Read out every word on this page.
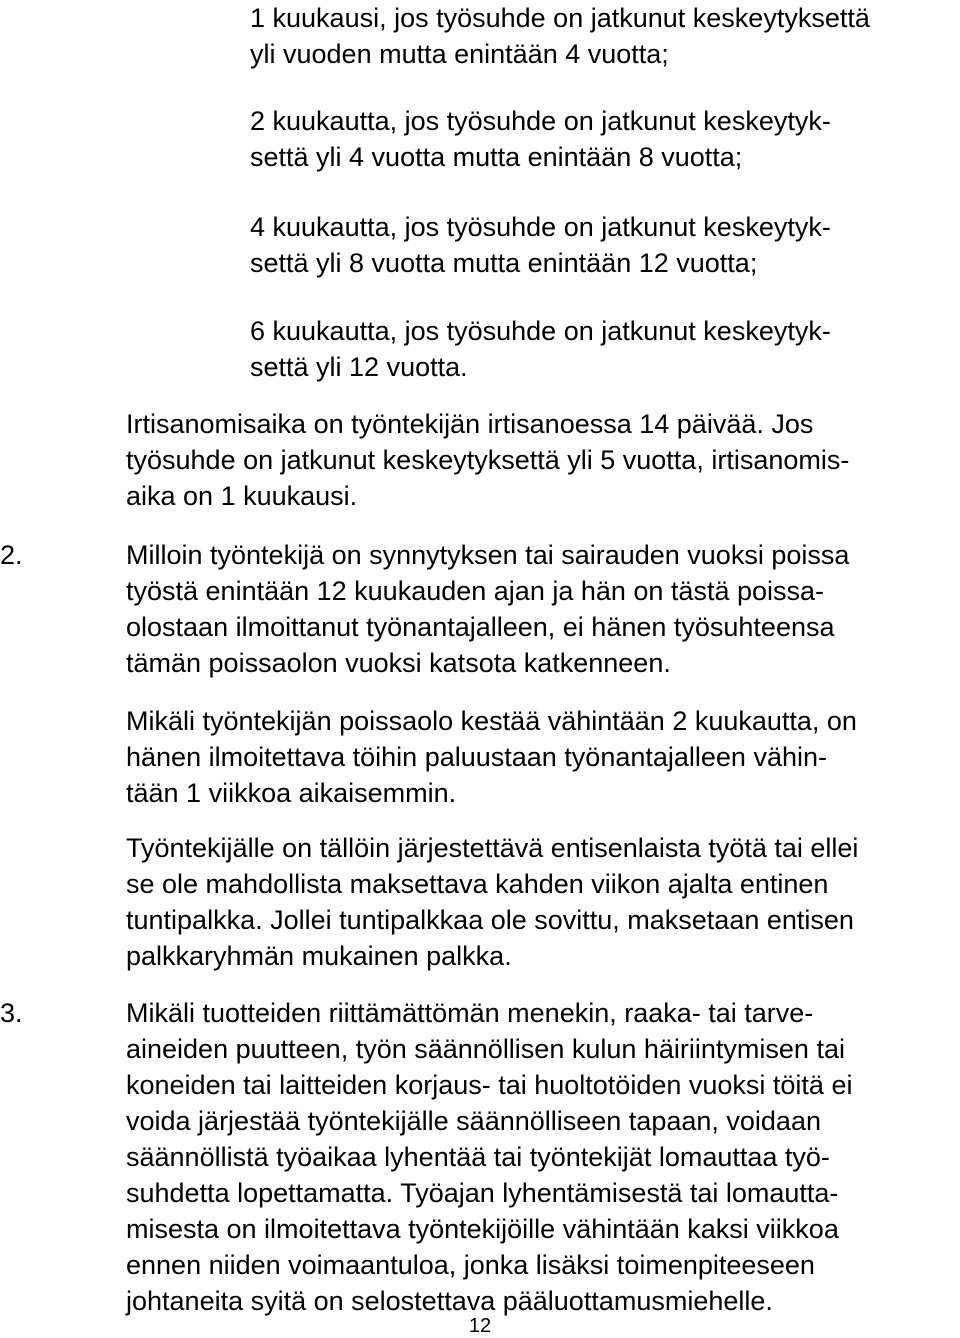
1 kuukausi, jos työsuhde on jatkunut keskeytyksettä
yli vuoden mutta enintään 4 vuotta;
2 kuukautta, jos työsuhde on jatkunut keskeytyk-
settä yli 4 vuotta mutta enintään 8 vuotta;
4 kuukautta, jos työsuhde on jatkunut keskeytyk-
settä yli 8 vuotta mutta enintään 12 vuotta;
6 kuukautta, jos työsuhde on jatkunut keskeytyk-
settä yli 12 vuotta.
Irtisanomisaika on työntekijän irtisanoessa 14 päivää. Jos
työsuhde on jatkunut keskeytyksettä yli 5 vuotta, irtisanomis-
aika on 1 kuukausi.

2.	Milloin työntekijä on synnytyksen tai sairauden vuoksi poissa
työstä enintään 12 kuukauden ajan ja hän on tästä poissa-
olostaan ilmoittanut työnantajalleen, ei hänen työsuhteensa
tämän poissaolon vuoksi katsota katkenneen.
Mikäli työntekijän poissaolo kestää vähintään 2 kuukautta, on
hänen ilmoitettava töihin paluustaan työnantajalleen vähin-
tään 1 viikkoa aikaisemmin.
Työntekijälle on tällöin järjestettävä entisenlaista työtä tai ellei
se ole mahdollista maksettava kahden viikon ajalta entinen
tuntipalkka. Jollei tuntipalkkaa ole sovittu, maksetaan entisen
palkkaryhmän mukainen palkka.

3.	Mikäli tuotteiden riittämättömän menekin, raaka- tai tarve-
aineiden puutteen, työn säännöllisen kulun häiriintymisen tai
koneiden tai laitteiden korjaus- tai huoltotöiden vuoksi töitä ei
voida järjestää työntekijälle säännölliseen tapaan, voidaan
säännöllistä työaikaa lyhentää tai työntekijät lomauttaa työ-
suhdetta lopettamatta. Työajan lyhentämisestä tai lomautta-
misesta on ilmoitettava työntekijöille vähintään kaksi viikkoa
ennen niiden voimaantuloa, jonka lisäksi toimenpiteeseen
johtaneita syitä on selostettava pääluottamusmiehelle.
12
